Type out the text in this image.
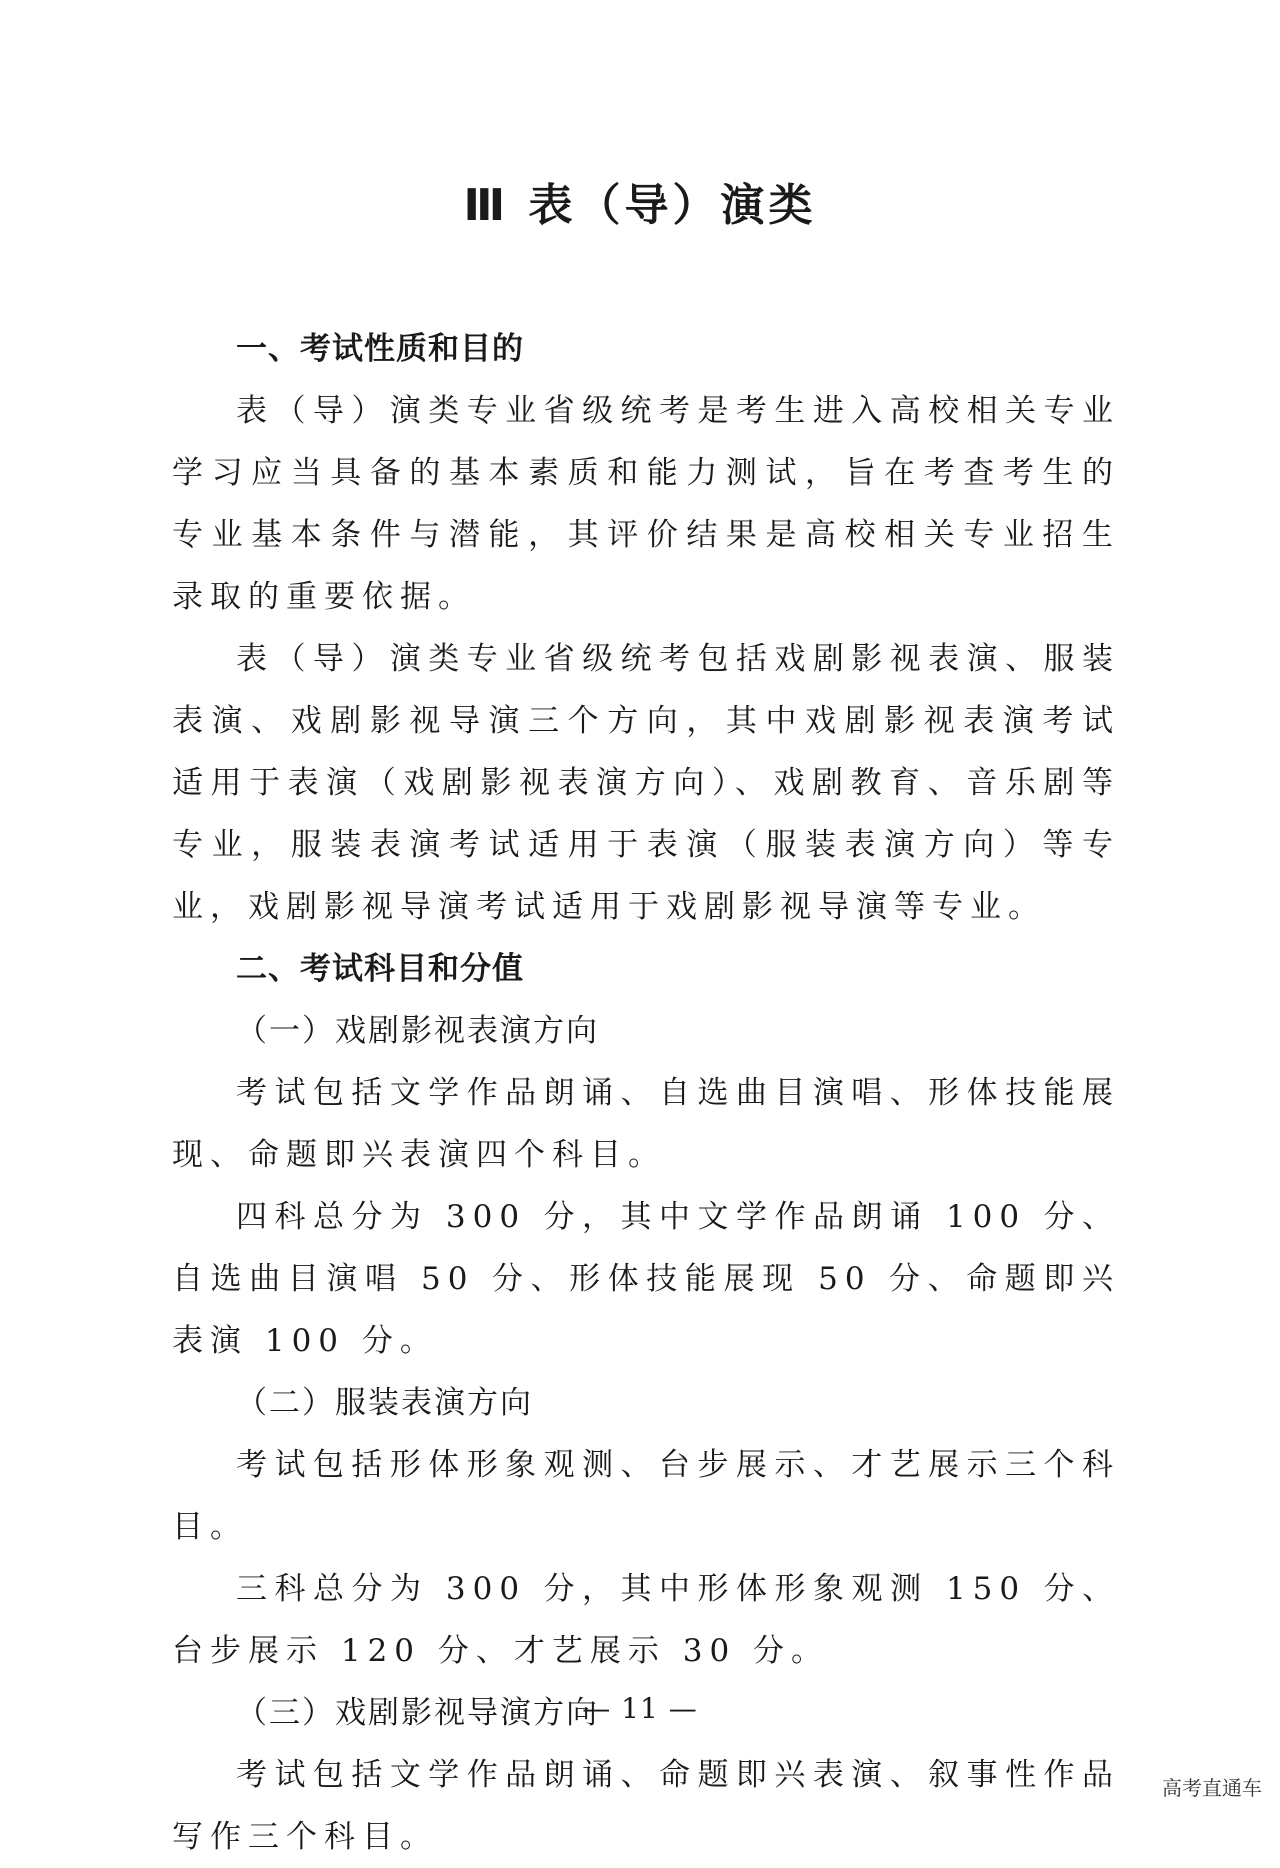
Ⅲ 表（导）演类
一、考试性质和目的

表（导）演类专业省级统考是考生进入高校相关专业学习应当具备的基本素质和能力测试，旨在考查考生的专业基本条件与潜能，其评价结果是高校相关专业招生录取的重要依据。

表（导）演类专业省级统考包括戏剧影视表演、服装表演、戏剧影视导演三个方向，其中戏剧影视表演考试适用于表演（戏剧影视表演方向）、戏剧教育、音乐剧等专业，服装表演考试适用于表演（服装表演方向）等专业，戏剧影视导演考试适用于戏剧影视导演等专业。

二、考试科目和分值
（一）戏剧影视表演方向

考试包括文学作品朗诵、自选曲目演唱、形体技能展现、命题即兴表演四个科目。

四科总分为 300 分，其中文学作品朗诵 100 分、自选曲目演唱 50 分、形体技能展现 50 分、命题即兴表演 100 分。

（二）服装表演方向

考试包括形体形象观测、台步展示、才艺展示三个科目。

三科总分为 300 分，其中形体形象观测 150 分、台步展示 120 分、才艺展示 30 分。

（三）戏剧影视导演方向

考试包括文学作品朗诵、命题即兴表演、叙事性作品写作三个科目。

— 11 —
高考直通车
